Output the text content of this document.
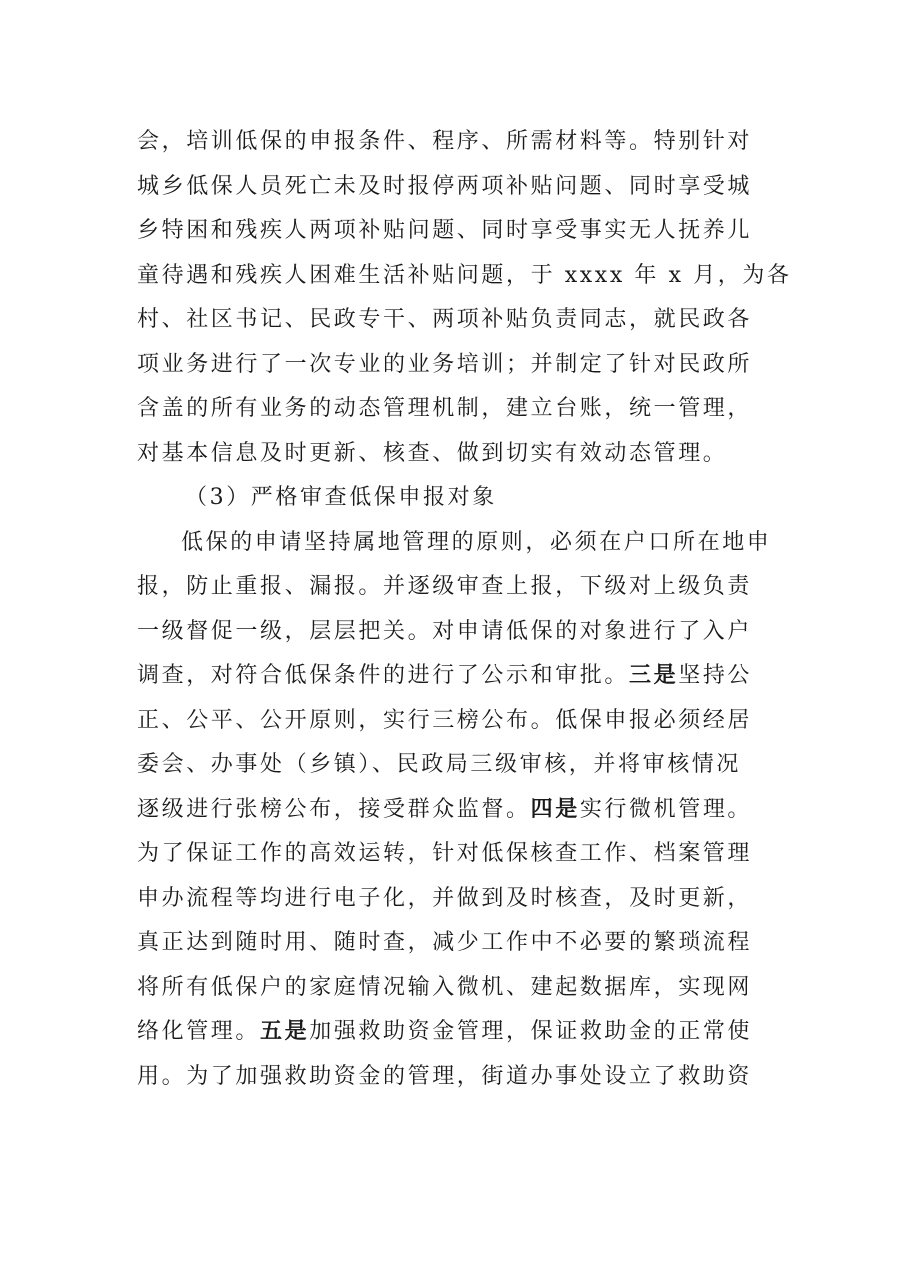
会，培训低保的申报条件、程序、所需材料等。特别针对
城乡低保人员死亡未及时报停两项补贴问题、同时享受城
乡特困和残疾人两项补贴问题、同时享受事实无人抚养儿
童待遇和残疾人困难生活补贴问题，于 xxxx 年 x 月，为各
村、社区书记、民政专干、两项补贴负责同志，就民政各
项业务进行了一次专业的业务培训；并制定了针对民政所
含盖的所有业务的动态管理机制，建立台账，统一管理，
对基本信息及时更新、核查、做到切实有效动态管理。
（3）严格审查低保申报对象
低保的申请坚持属地管理的原则，必须在户口所在地申
报，防止重报、漏报。并逐级审查上报，下级对上级负责
一级督促一级，层层把关。对申请低保的对象进行了入户
调查，对符合低保条件的进行了公示和审批。三是坚持公
正、公平、公开原则，实行三榜公布。低保申报必须经居
委会、办事处（乡镇）、民政局三级审核，并将审核情况
逐级进行张榜公布，接受群众监督。四是实行微机管理。
为了保证工作的高效运转，针对低保核查工作、档案管理
申办流程等均进行电子化，并做到及时核查，及时更新，
真正达到随时用、随时查，减少工作中不必要的繁琐流程
将所有低保户的家庭情况输入微机、建起数据库，实现网
络化管理。五是加强救助资金管理，保证救助金的正常使
用。为了加强救助资金的管理，街道办事处设立了救助资
